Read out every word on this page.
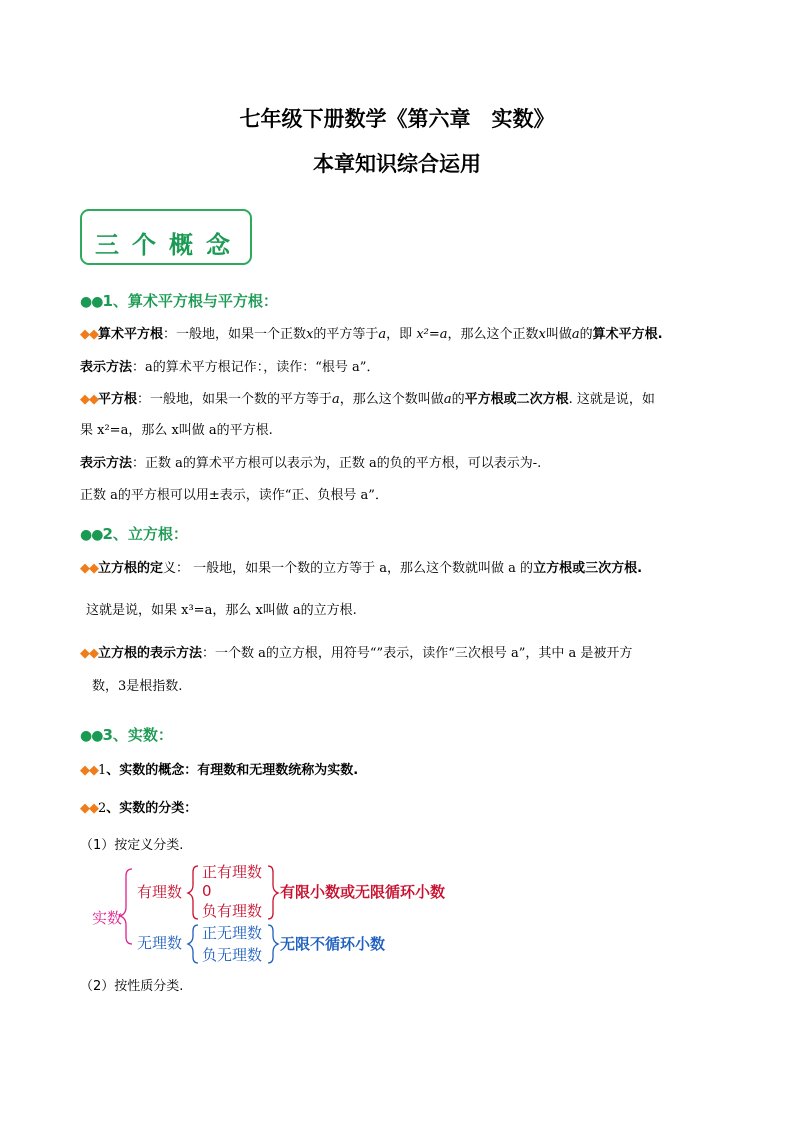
七年级下册数学《第六章　实数》
本章知识综合运用
三个概念
●●1、算术平方根与平方根：
◆◆算术平方根：一般地，如果一个正数x的平方等于a，即 x²=a，那么这个正数x叫做a的算术平方根.
表示方法：a的算术平方根记作：，读作：“根号 a”．
◆◆平方根：一般地，如果一个数的平方等于a，那么这个数叫做a的平方根或二次方根. 这就是说，如
果 x²=a，那么 x叫做 a的平方根.
表示方法：正数 a的算术平方根可以表示为，正数 a的负的平方根，可以表示为-.
正数 a的平方根可以用±表示，读作“正、负根号 a”．
●●2、立方根：
◆◆立方根的定义： 一般地，如果一个数的立方等于 a，那么这个数就叫做 a 的立方根或三次方根.
这就是说，如果 x³=a，那么 x叫做 a的立方根.
◆◆立方根的表示方法：一个数 a的立方根，用符号“”表示，读作“三次根号 a”，其中 a 是被开方
数，3是根指数.
●●3、实数：
◆◆1、实数的概念：有理数和无理数统称为实数.
◆◆2、实数的分类：
（1）按定义分类.
实数
有理数
正有理数
0
负有理数
有限小数或无限循环小数
无理数
正无理数
负无理数
无限不循环小数
（2）按性质分类.
